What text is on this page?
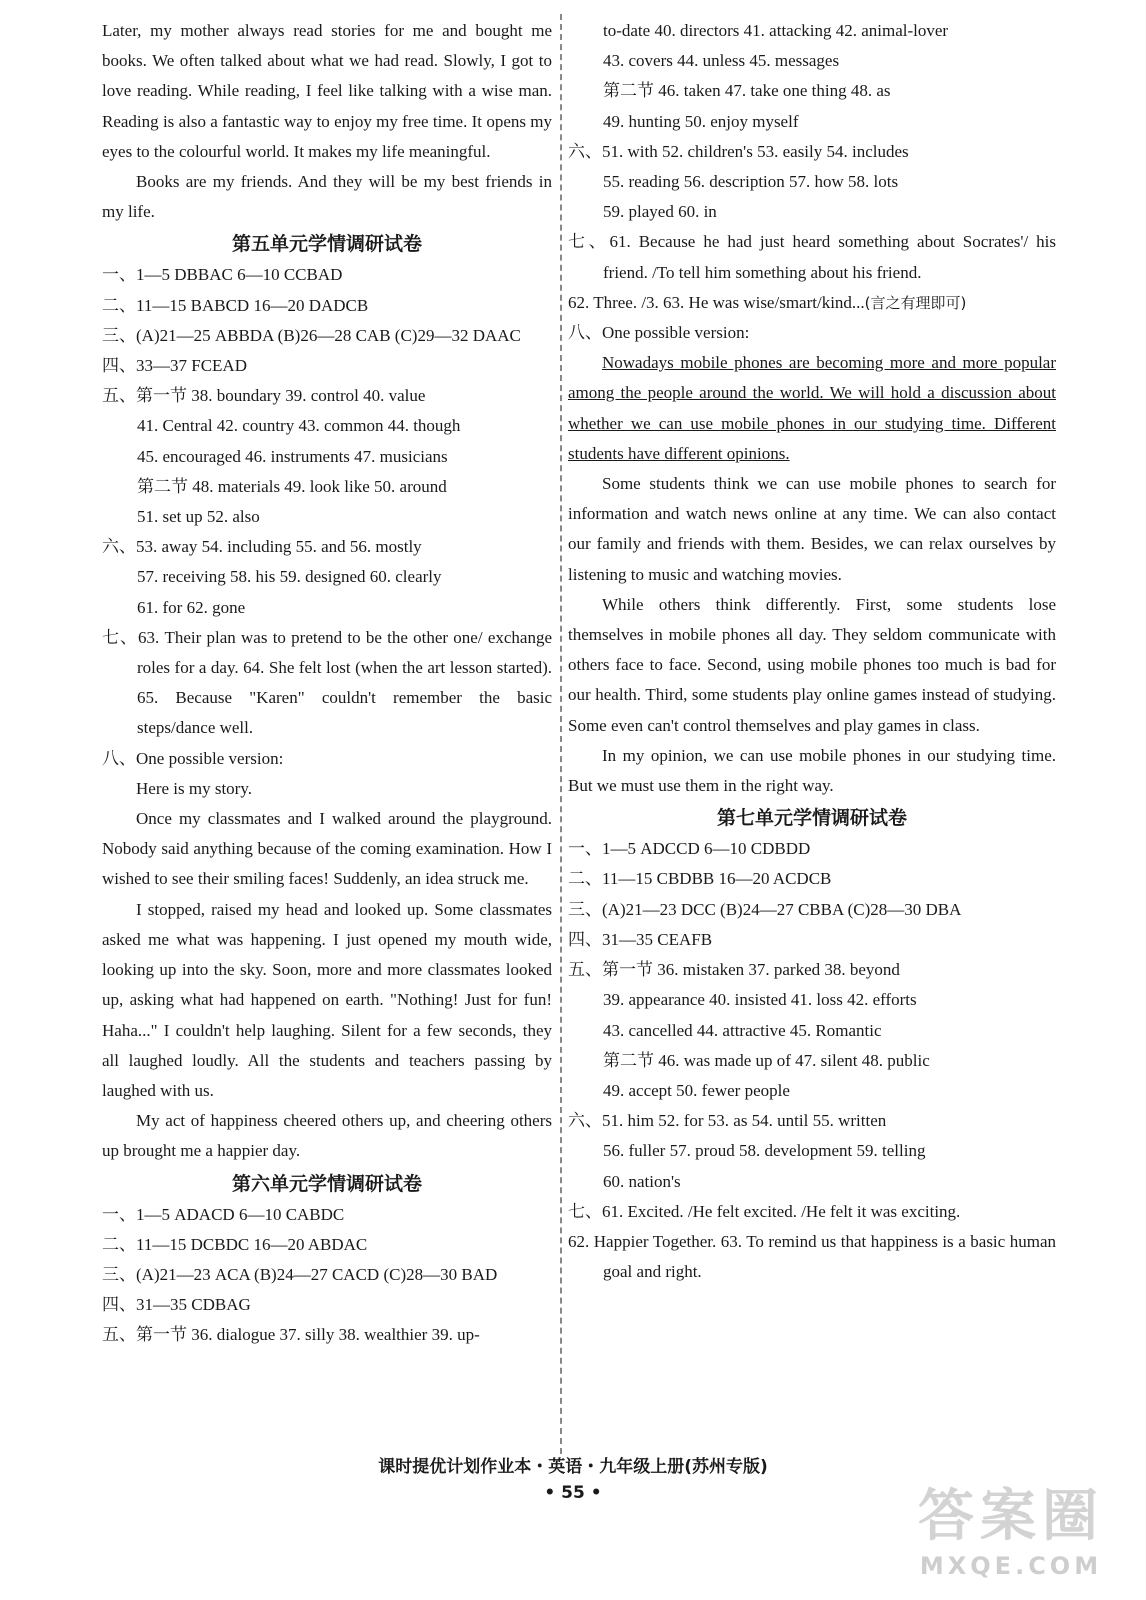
Later, my mother always read stories for me and bought me books. We often talked about what we had read. Slowly, I got to love reading. While reading, I feel like talking with a wise man. Reading is also a fantastic way to enjoy my free time. It opens my eyes to the colourful world. It makes my life meaningful.

Books are my friends. And they will be my best friends in my life.

第五单元学情调研试卷

一、1—5 DBBAC 6—10 CCBAD

二、11—15 BABCD 16—20 DADCB

三、(A)21—25 ABBDA (B)26—28 CAB (C)29—32 DAAC

四、33—37 FCEAD

五、第一节 38. boundary 39. control 40. value

41. Central 42. country 43. common 44. though

45. encouraged 46. instruments 47. musicians

第二节 48. materials 49. look like 50. around

51. set up 52. also

六、53. away 54. including 55. and 56. mostly

57. receiving 58. his 59. designed 60. clearly

61. for 62. gone

七、63. Their plan was to pretend to be the other one/ exchange roles for a day. 64. She felt lost (when the art lesson started). 65. Because "Karen" couldn't remember the basic steps/dance well.

八、One possible version:

Here is my story.

Once my classmates and I walked around the playground. Nobody said anything because of the coming examination. How I wished to see their smiling faces! Suddenly, an idea struck me.

I stopped, raised my head and looked up. Some classmates asked me what was happening. I just opened my mouth wide, looking up into the sky. Soon, more and more classmates looked up, asking what had happened on earth. "Nothing! Just for fun! Haha..." I couldn't help laughing. Silent for a few seconds, they all laughed loudly. All the students and teachers passing by laughed with us.

My act of happiness cheered others up, and cheering others up brought me a happier day.

第六单元学情调研试卷

一、1—5 ADACD 6—10 CABDC

二、11—15 DCBDC 16—20 ABDAC

三、(A)21—23 ACA (B)24—27 CACD (C)28—30 BAD

四、31—35 CDBAG

五、第一节 36. dialogue 37. silly 38. wealthier 39. up-

to-date 40. directors 41. attacking 42. animal-lover

43. covers 44. unless 45. messages

第二节 46. taken 47. take one thing 48. as

49. hunting 50. enjoy myself

六、51. with 52. children's 53. easily 54. includes

55. reading 56. description 57. how 58. lots

59. played 60. in

七、61. Because he had just heard something about Socrates'/ his friend. /To tell him something about his friend.

62. Three. /3. 63. He was wise/smart/kind...(言之有理即可)

八、One possible version:

Nowadays mobile phones are becoming more and more popular among the people around the world. We will hold a discussion about whether we can use mobile phones in our studying time. Different students have different opinions.

Some students think we can use mobile phones to search for information and watch news online at any time. We can also contact our family and friends with them. Besides, we can relax ourselves by listening to music and watching movies.

While others think differently. First, some students lose themselves in mobile phones all day. They seldom communicate with others face to face. Second, using mobile phones too much is bad for our health. Third, some students play online games instead of studying. Some even can't control themselves and play games in class.

In my opinion, we can use mobile phones in our studying time. But we must use them in the right way.

第七单元学情调研试卷

一、1—5 ADCCD 6—10 CDBDD

二、11—15 CBDBB 16—20 ACDCB

三、(A)21—23 DCC (B)24—27 CBBA (C)28—30 DBA

四、31—35 CEAFB

五、第一节 36. mistaken 37. parked 38. beyond

39. appearance 40. insisted 41. loss 42. efforts

43. cancelled 44. attractive 45. Romantic

第二节 46. was made up of 47. silent 48. public

49. accept 50. fewer people

六、51. him 52. for 53. as 54. until 55. written

56. fuller 57. proud 58. development 59. telling

60. nation's

七、61. Excited. /He felt excited. /He felt it was exciting.

62. Happier Together. 63. To remind us that happiness is a basic human goal and right.

课时提优计划作业本・英语・九年级上册(苏州专版)
• 55 •	答案圈
MXQE.COM
